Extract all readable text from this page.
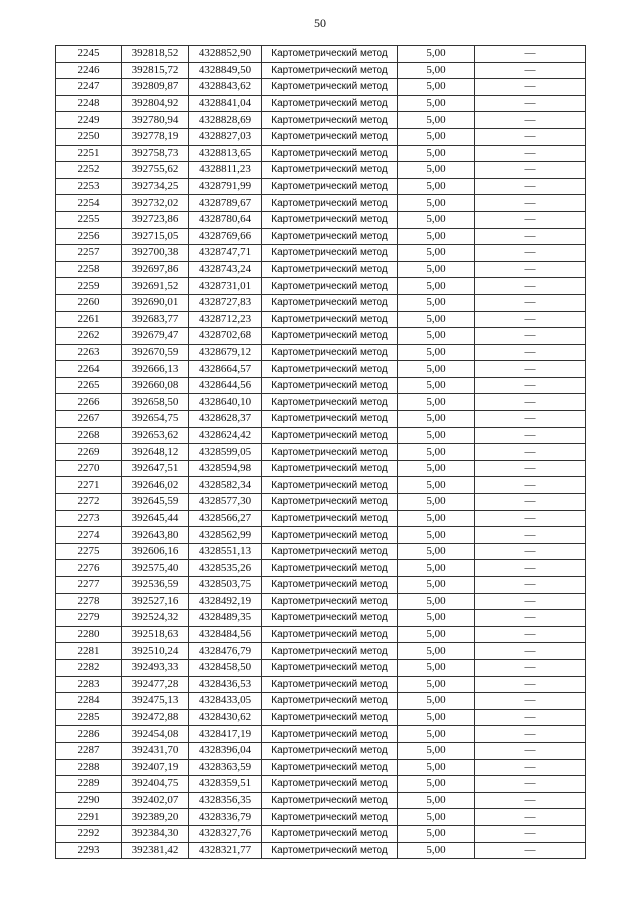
50
2245	392818,52	4328852,90	Картометрический метод	5,00	—
2246	392815,72	4328849,50	Картометрический метод	5,00	—
2247	392809,87	4328843,62	Картометрический метод	5,00	—
2248	392804,92	4328841,04	Картометрический метод	5,00	—
2249	392780,94	4328828,69	Картометрический метод	5,00	—
2250	392778,19	4328827,03	Картометрический метод	5,00	—
2251	392758,73	4328813,65	Картометрический метод	5,00	—
2252	392755,62	4328811,23	Картометрический метод	5,00	—
2253	392734,25	4328791,99	Картометрический метод	5,00	—
2254	392732,02	4328789,67	Картометрический метод	5,00	—
2255	392723,86	4328780,64	Картометрический метод	5,00	—
2256	392715,05	4328769,66	Картометрический метод	5,00	—
2257	392700,38	4328747,71	Картометрический метод	5,00	—
2258	392697,86	4328743,24	Картометрический метод	5,00	—
2259	392691,52	4328731,01	Картометрический метод	5,00	—
2260	392690,01	4328727,83	Картометрический метод	5,00	—
2261	392683,77	4328712,23	Картометрический метод	5,00	—
2262	392679,47	4328702,68	Картометрический метод	5,00	—
2263	392670,59	4328679,12	Картометрический метод	5,00	—
2264	392666,13	4328664,57	Картометрический метод	5,00	—
2265	392660,08	4328644,56	Картометрический метод	5,00	—
2266	392658,50	4328640,10	Картометрический метод	5,00	—
2267	392654,75	4328628,37	Картометрический метод	5,00	—
2268	392653,62	4328624,42	Картометрический метод	5,00	—
2269	392648,12	4328599,05	Картометрический метод	5,00	—
2270	392647,51	4328594,98	Картометрический метод	5,00	—
2271	392646,02	4328582,34	Картометрический метод	5,00	—
2272	392645,59	4328577,30	Картометрический метод	5,00	—
2273	392645,44	4328566,27	Картометрический метод	5,00	—
2274	392643,80	4328562,99	Картометрический метод	5,00	—
2275	392606,16	4328551,13	Картометрический метод	5,00	—
2276	392575,40	4328535,26	Картометрический метод	5,00	—
2277	392536,59	4328503,75	Картометрический метод	5,00	—
2278	392527,16	4328492,19	Картометрический метод	5,00	—
2279	392524,32	4328489,35	Картометрический метод	5,00	—
2280	392518,63	4328484,56	Картометрический метод	5,00	—
2281	392510,24	4328476,79	Картометрический метод	5,00	—
2282	392493,33	4328458,50	Картометрический метод	5,00	—
2283	392477,28	4328436,53	Картометрический метод	5,00	—
2284	392475,13	4328433,05	Картометрический метод	5,00	—
2285	392472,88	4328430,62	Картометрический метод	5,00	—
2286	392454,08	4328417,19	Картометрический метод	5,00	—
2287	392431,70	4328396,04	Картометрический метод	5,00	—
2288	392407,19	4328363,59	Картометрический метод	5,00	—
2289	392404,75	4328359,51	Картометрический метод	5,00	—
2290	392402,07	4328356,35	Картометрический метод	5,00	—
2291	392389,20	4328336,79	Картометрический метод	5,00	—
2292	392384,30	4328327,76	Картометрический метод	5,00	—
2293	392381,42	4328321,77	Картометрический метод	5,00	—
